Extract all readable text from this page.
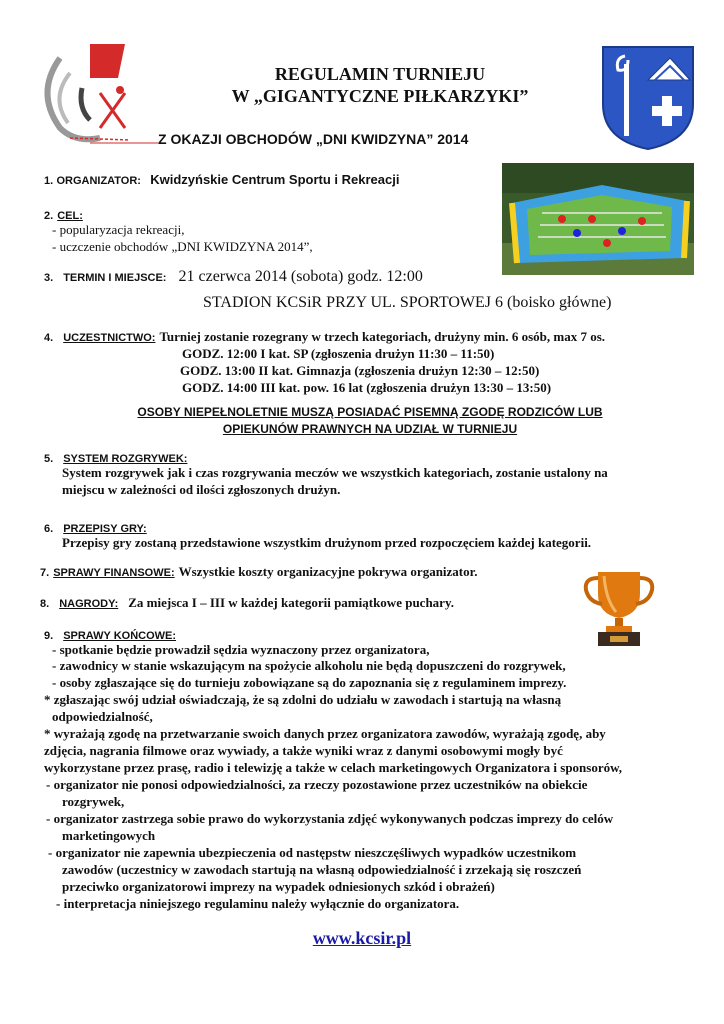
REGULAMIN TURNIEJU
W „GIGANTYCZNE PIŁKARZYKI”
Z OKAZJI OBCHODÓW „DNI KWIDZYNA” 2014
1. ORGANIZATOR: Kwidzyńskie Centrum Sportu i Rekreacji
2. CEL:
- popularyzacja rekreacji,
- uczczenie obchodów „DNI KWIDZYNA 2014”,
3. TERMIN I MIEJSCE: 21 czerwca 2014 (sobota) godz. 12:00
STADION KCSiR PRZY UL. SPORTOWEJ 6 (boisko główne)
4. UCZESTNICTWO: Turniej zostanie rozegrany w trzech kategoriach, drużyny min. 6 osób, max 7 os.
GODZ. 12:00 I kat. SP (zgłoszenia drużyn 11:30 – 11:50)
GODZ. 13:00 II kat. Gimnazja (zgłoszenia drużyn 12:30 – 12:50)
GODZ. 14:00 III kat. pow. 16 lat (zgłoszenia drużyn 13:30 – 13:50)
OSOBY NIEPEŁNOLETNIE MUSZĄ POSIADAĆ PISEMNĄ ZGODĘ RODZICÓW LUB
OPIEKUNÓW PRAWNYCH NA UDZIAŁ W TURNIEJU
5. SYSTEM ROZGRYWEK:
System rozgrywek jak i czas rozgrywania meczów we wszystkich kategoriach, zostanie ustalony na
miejscu w zależności od ilości zgłoszonych drużyn.
6. PRZEPISY GRY:
Przepisy gry zostaną przedstawione wszystkim drużynom przed rozpoczęciem każdej kategorii.
7. SPRAWY FINANSOWE: Wszystkie koszty organizacyjne pokrywa organizator.
8. NAGRODY: Za miejsca I – III w każdej kategorii pamiątkowe puchary.
9. SPRAWY KOŃCOWE:
- spotkanie będzie prowadził sędzia wyznaczony przez organizatora,
- zawodnicy w stanie wskazującym na spożycie alkoholu nie będą dopuszczeni do rozgrywek,
- osoby zgłaszające się do turnieju zobowiązane są do zapoznania się z regulaminem imprezy.
* zgłaszając swój udział oświadczają, że są zdolni do udziału w zawodach i startują na własną
odpowiedzialność,
* wyrażają zgodę na przetwarzanie swoich danych przez organizatora zawodów, wyrażają zgodę, aby
zdjęcia, nagrania filmowe oraz wywiady, a także wyniki wraz z danymi osobowymi mogły być
wykorzystane przez prasę, radio i telewizję a także w celach marketingowych Organizatora i sponsorów,
- organizator nie ponosi odpowiedzialności, za rzeczy pozostawione przez uczestników na obiekcie
rozgrywek,
- organizator zastrzega sobie prawo do wykorzystania zdjęć wykonywanych podczas imprezy do celów
marketingowych
- organizator nie zapewnia ubezpieczenia od następstw nieszczęśliwych wypadków uczestnikom
zawodów (uczestnicy w zawodach startują na własną odpowiedzialność i zrzekają się roszczeń
przeciwko organizatorowi imprezy na wypadek odniesionych szkód i obrażeń)
- interpretacja niniejszego regulaminu należy wyłącznie do organizatora.
www.kcsir.pl
